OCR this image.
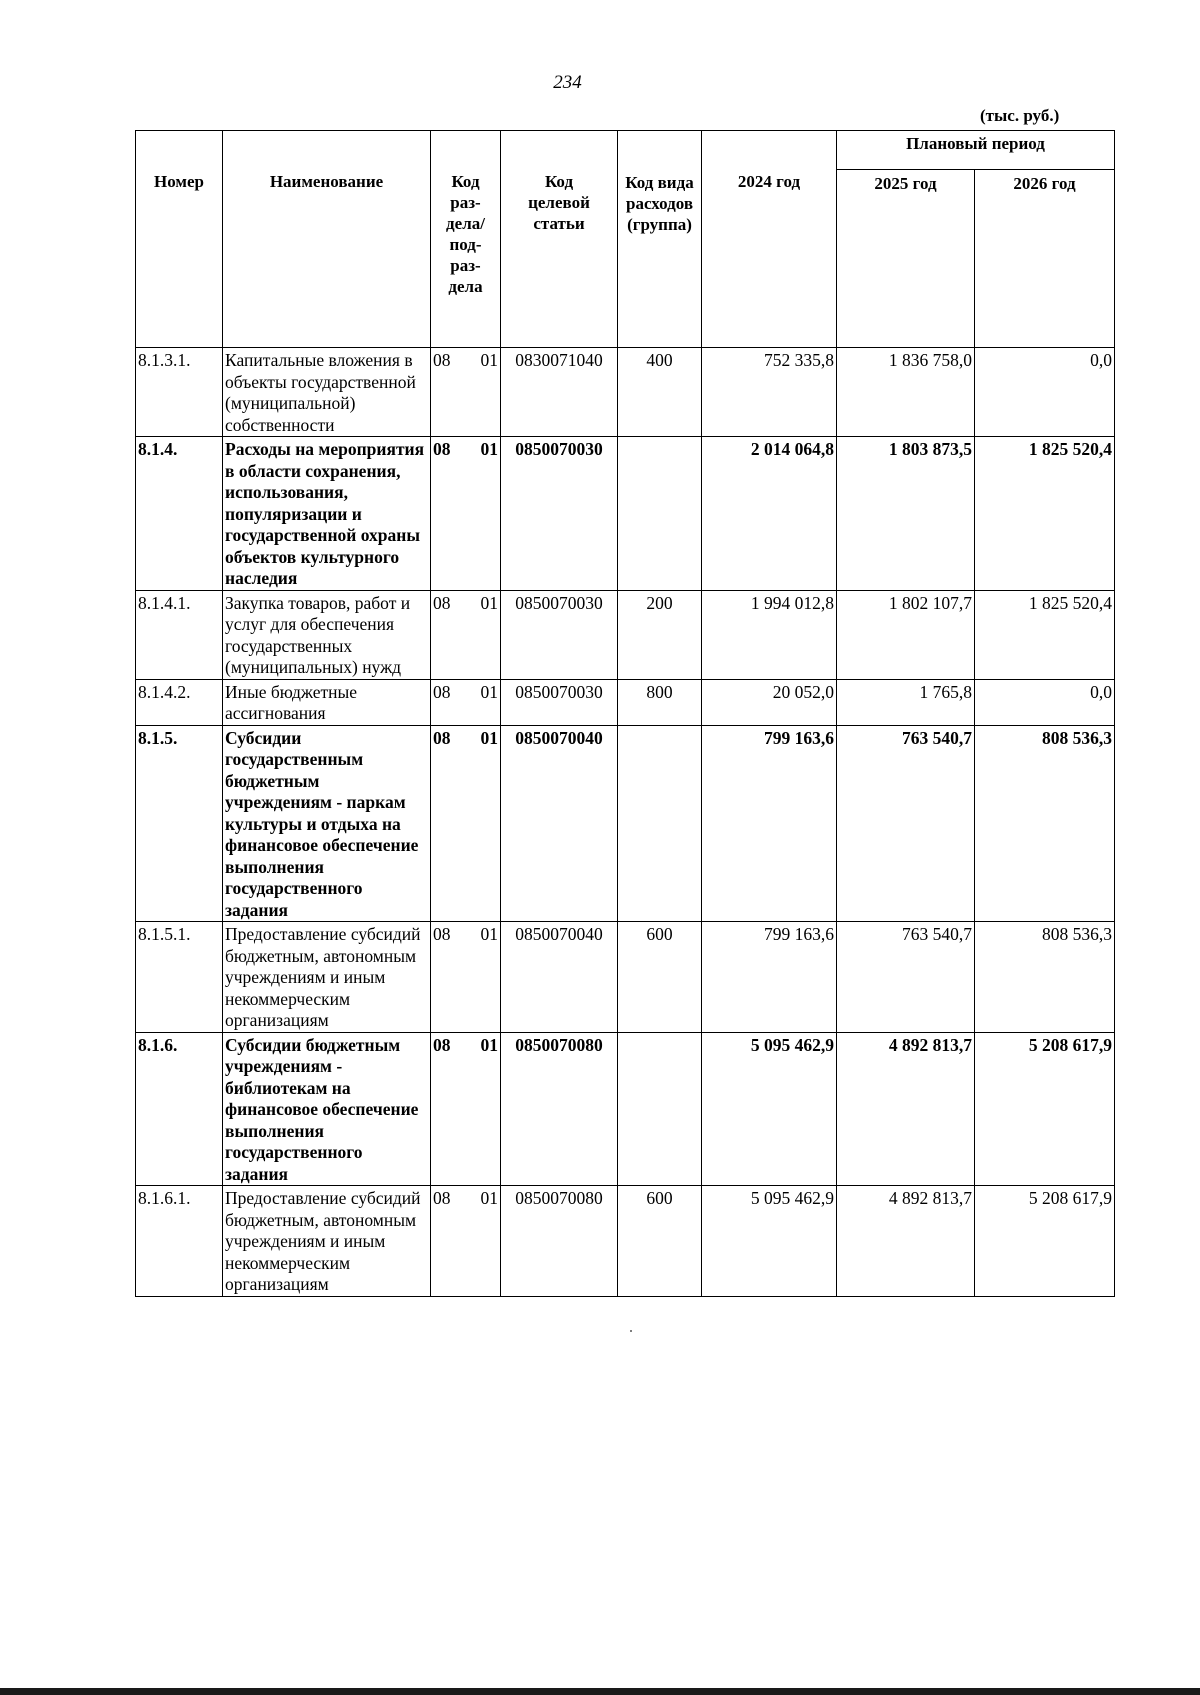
234
(тыс. руб.)
Номер	Наименование	Код раз- дела/ под- раз- дела	Код целевой статьи	Код вида расходов (группа)	2024 год	Плановый период	
						2025 год	2026 год
8.1.3.1.	Капитальные вложения в объекты государственной (муниципальной) собственности	08 01	0830071040	400	752 335,8	1 836 758,0	0,0
8.1.4.	Расходы на мероприятия в области сохранения, использования, популяризации и государственной охраны объектов культурного наследия	08 01	0850070030		2 014 064,8	1 803 873,5	1 825 520,4
8.1.4.1.	Закупка товаров, работ и услуг для обеспечения государственных (муниципальных) нужд	08 01	0850070030	200	1 994 012,8	1 802 107,7	1 825 520,4
8.1.4.2.	Иные бюджетные ассигнования	08 01	0850070030	800	20 052,0	1 765,8	0,0
8.1.5.	Субсидии государственным бюджетным учреждениям - паркам культуры и отдыха на финансовое обеспечение выполнения государственного задания	08 01	0850070040		799 163,6	763 540,7	808 536,3
8.1.5.1.	Предоставление субсидий бюджетным, автономным учреждениям и иным некоммерческим организациям	08 01	0850070040	600	799 163,6	763 540,7	808 536,3
8.1.6.	Субсидии бюджетным учреждениям - библиотекам на финансовое обеспечение выполнения государственного задания	08 01	0850070080		5 095 462,9	4 892 813,7	5 208 617,9
8.1.6.1.	Предоставление субсидий бюджетным, автономным учреждениям и иным некоммерческим организациям	08 01	0850070080	600	5 095 462,9	4 892 813,7	5 208 617,9
